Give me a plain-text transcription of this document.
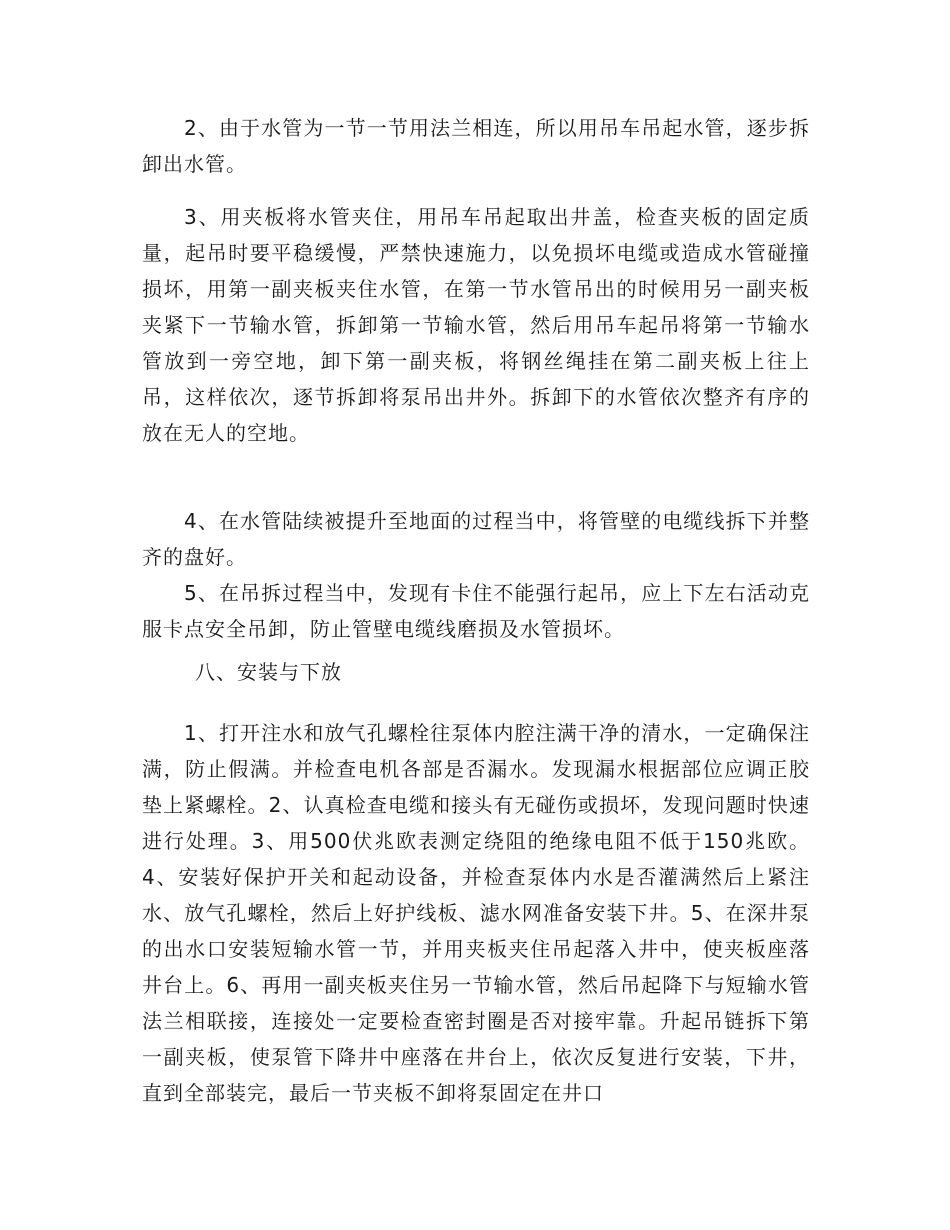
2、由于水管为一节一节用法兰相连，所以用吊车吊起水管，逐步拆卸出水管。

3、用夹板将水管夹住，用吊车吊起取出井盖，检查夹板的固定质量，起吊时要平稳缓慢，严禁快速施力，以免损坏电缆或造成水管碰撞损坏，用第一副夹板夹住水管，在第一节水管吊出的时候用另一副夹板夹紧下一节输水管，拆卸第一节输水管，然后用吊车起吊将第一节输水管放到一旁空地，卸下第一副夹板，将钢丝绳挂在第二副夹板上往上吊，这样依次，逐节拆卸将泵吊出井外。拆卸下的水管依次整齐有序的放在无人的空地。

4、在水管陆续被提升至地面的过程当中，将管壁的电缆线拆下并整齐的盘好。

5、在吊拆过程当中，发现有卡住不能强行起吊，应上下左右活动克服卡点安全吊卸，防止管壁电缆线磨损及水管损坏。

八、安装与下放

1、打开注水和放气孔螺栓往泵体内腔注满干净的清水，一定确保注满，防止假满。并检查电机各部是否漏水。发现漏水根据部位应调正胶垫上紧螺栓。2、认真检查电缆和接头有无碰伤或损坏，发现问题时快速进行处理。3、用500伏兆欧表测定绕阻的绝缘电阻不低于150兆欧。4、安装好保护开关和起动设备，并检查泵体内水是否灌满然后上紧注水、放气孔螺栓，然后上好护线板、滤水网准备安装下井。5、在深井泵的出水口安装短输水管一节，并用夹板夹住吊起落入井中，使夹板座落井台上。6、再用一副夹板夹住另一节输水管，然后吊起降下与短输水管法兰相联接，连接处一定要检查密封圈是否对接牢靠。升起吊链拆下第一副夹板，使泵管下降井中座落在井台上，依次反复进行安装，下井，直到全部装完，最后一节夹板不卸将泵固定在井口
